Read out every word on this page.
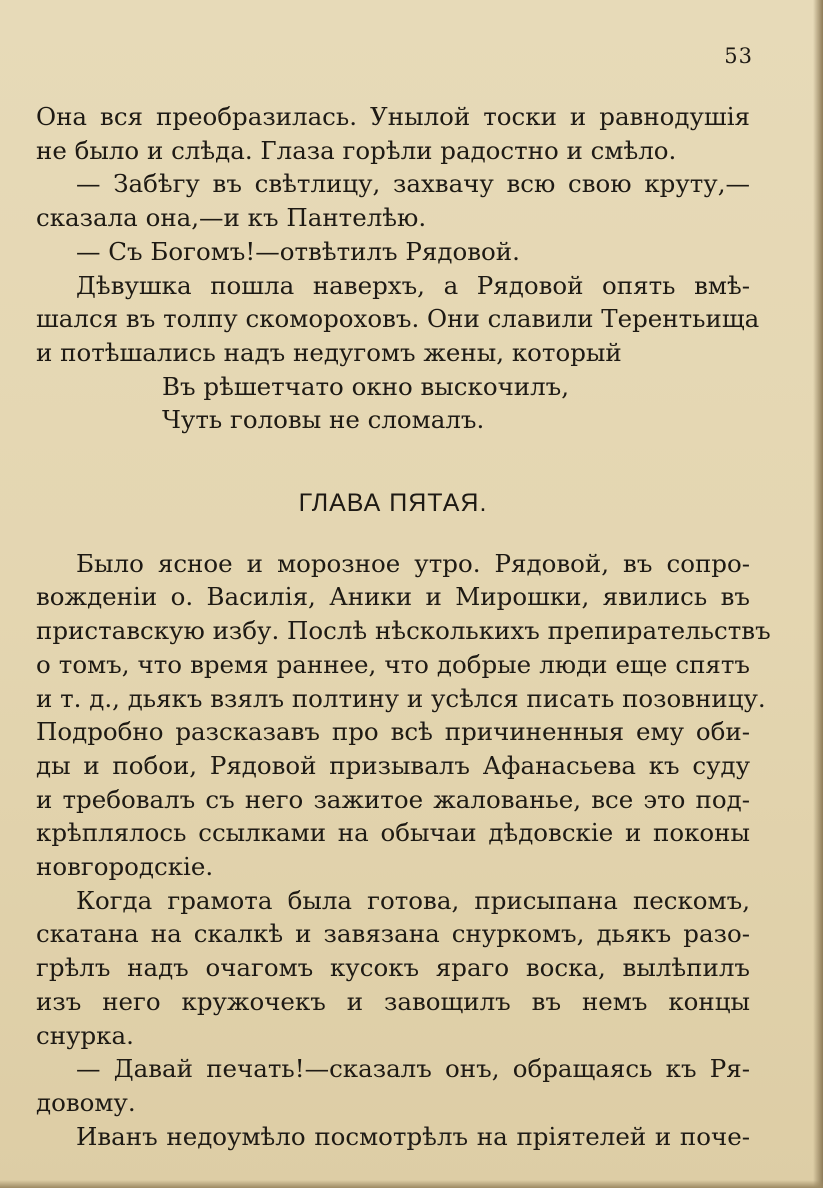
53
Она вся преобразилась. Унылой тоски и равнодушія
не было и слѣда. Глаза горѣли радостно и смѣло.
— Забѣгу въ свѣтлицу, захвачу всю свою круту,—
сказала она,—и къ Пантелѣю.
— Съ Богомъ!—отвѣтилъ Рядовой.
Дѣвушка пошла наверхъ, а Рядовой опять вмѣ-
шался въ толпу скомороховъ. Они славили Терентьища
и потѣшались надъ недугомъ жены, который
Въ рѣшетчато окно выскочилъ,
Чуть головы не сломалъ.
ГЛАВА ПЯТАЯ.
Было ясное и морозное утро. Рядовой, въ сопро-
вожденіи о. Василія, Аники и Мирошки, явились въ
приставскую избу. Послѣ нѣсколькихъ препирательствъ
о томъ, что время раннее, что добрые люди еще спятъ
и т. д., дьякъ взялъ полтину и усѣлся писать позовницу.
Подробно разсказавъ про всѣ причиненныя ему оби-
ды и побои, Рядовой призывалъ Афанасьева къ суду
и требовалъ съ него зажитое жалованье, все это под-
крѣплялось ссылками на обычаи дѣдовскіе и поконы
новгородскіе.
Когда грамота была готова, присыпана пескомъ,
скатана на скалкѣ и завязана снуркомъ, дьякъ разо-
грѣлъ надъ очагомъ кусокъ яраго воска, вылѣпилъ
изъ него кружочекъ и завощилъ въ немъ концы
снурка.
— Давай печать!—сказалъ онъ, обращаясь къ Ря-
довому.
Иванъ недоумѣло посмотрѣлъ на пріятелей и поче-
